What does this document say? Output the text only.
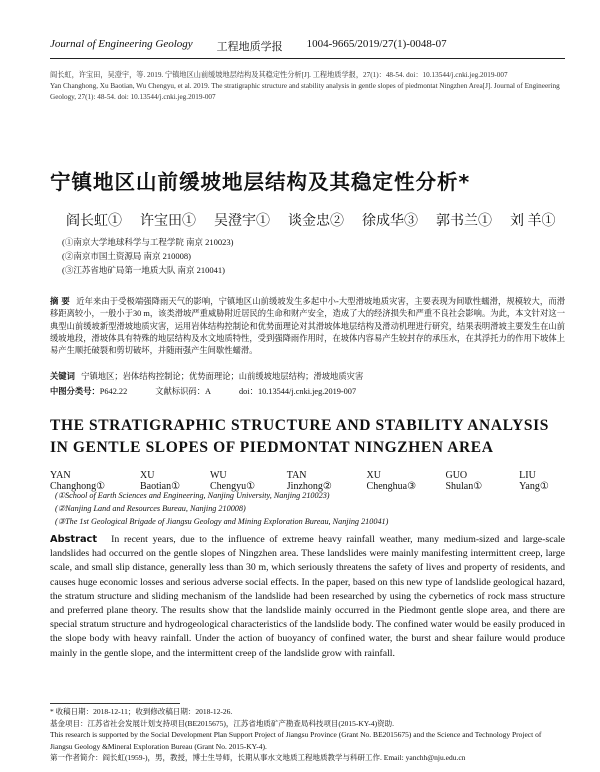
Journal of Engineering Geology 工程地质学报 1004-9665/2019/27(1)-0048-07
阎长虹，许宝田，吴澄宇，等. 2019. 宁镇地区山前缓坡地层结构及其稳定性分析[J]. 工程地质学报，27(1)：48-54. doi：10.13544/j.cnki.jeg.2019-007
Yan Changhong, Xu Baotian, Wu Chengyu, et al. 2019. The stratigraphic structure and stability analysis in gentle slopes of piedmontat Ningzhen Area[J]. Journal of Engineering Geology, 27(1): 48-54. doi: 10.13544/j.cnki.jeg.2019-007
宁镇地区山前缓坡地层结构及其稳定性分析*
阎长虹① 许宝田① 吴澄宇① 谈金忠② 徐成华③ 郭书兰① 刘 羊①
(①南京大学地球科学与工程学院 南京 210023)
(②南京市国土资源局 南京 210008)
(③江苏省地矿局第一地质大队 南京 210041)
摘 要 近年来由于受极端强降雨天气的影响，宁镇地区山前缓坡发生多起中小-大型滑坡地质灾害，主要表现为间歇性蠕滑，规模较大，而滑移距离较小，一般小于30 m，该类滑坡严重威胁附近居民的生命和财产安全，造成了大的经济损失和严重不良社会影响。为此，本文针对这一典型山前缓坡新型滑坡地质灾害，运用岩体结构控制论和优势面理论对其滑坡体地层结构及滑动机理进行研究，结果表明滑坡主要发生在山前缓坡地段，滑坡体具有特殊的地层结构及水文地质特性，受到强降雨作用时，在坡体内容易产生较封存的承压水，在其浮托力的作用下坡体上易产生顺托破裂和剪切破坏，并随雨强产生间歇性蠕滑。
关键词 宁镇地区；岩体结构控制论；优势面理论；山前缓坡地层结构；滑坡地质灾害
中图分类号：P642.22	文献标识码：A	doi：10.13544/j.cnki.jeg.2019-007
THE STRATIGRAPHIC STRUCTURE AND STABILITY ANALYSIS IN GENTLE SLOPES OF PIEDMONTAT NINGZHEN AREA
YAN Changhong①
XU Baotian①
WU Chengyu①
TAN Jinzhong②
XU Chenghua③
GUO Shulan①
LIU Yang①
(①School of Earth Sciences and Engineering, Nanjing University, Nanjing 210023)
(②Nanjing Land and Resources Bureau, Nanjing 210008)
(③The 1st Geological Brigade of Jiangsu Geology and Mining Exploration Bureau, Nanjing 210041)
Abstract In recent years, due to the influence of extreme heavy rainfall weather, many medium-sized and large-scale landslides had occurred on the gentle slopes of Ningzhen area. These landslides were mainly manifesting intermittent creep, large scale, and small slip distance, generally less than 30 m, which seriously threatens the safety of lives and property of residents, and causes huge economic losses and serious adverse social effects. In the paper, based on this new type of landslide geological hazard, the stratum structure and sliding mechanism of the landslide had been researched by using the cybernetics of rock mass structure and preferred plane theory. The results show that the landslide mainly occurred in the Piedmont gentle slope area, and there are special stratum structure and hydrogeological characteristics of the landslide body. The confined water would be easily produced in the slope body with heavy rainfall. Under the action of buoyancy of confined water, the burst and shear failure would produce mainly in the gentle slope, and the intermittent creep of the landslide grow with rainfall.
* 收稿日期：2018-12-11；收到修改稿日期：2018-12-26.
基金项目：江苏省社会发展计划支持项目(BE2015675)，江苏省地质矿产勘查局科技项目(2015-KY-4)资助.
This research is supported by the Social Development Plan Support Project of Jiangsu Province (Grant No. BE2015675) and the Science and Technology Project of Jiangsu Geology &Mineral Exploration Bureau (Grant No. 2015-KY-4).
第一作者简介：阎长虹(1959-)，男，教授，博士生导师，长期从事水文地质工程地质教学与科研工作. Email: yanchh@nju.edu.cn
